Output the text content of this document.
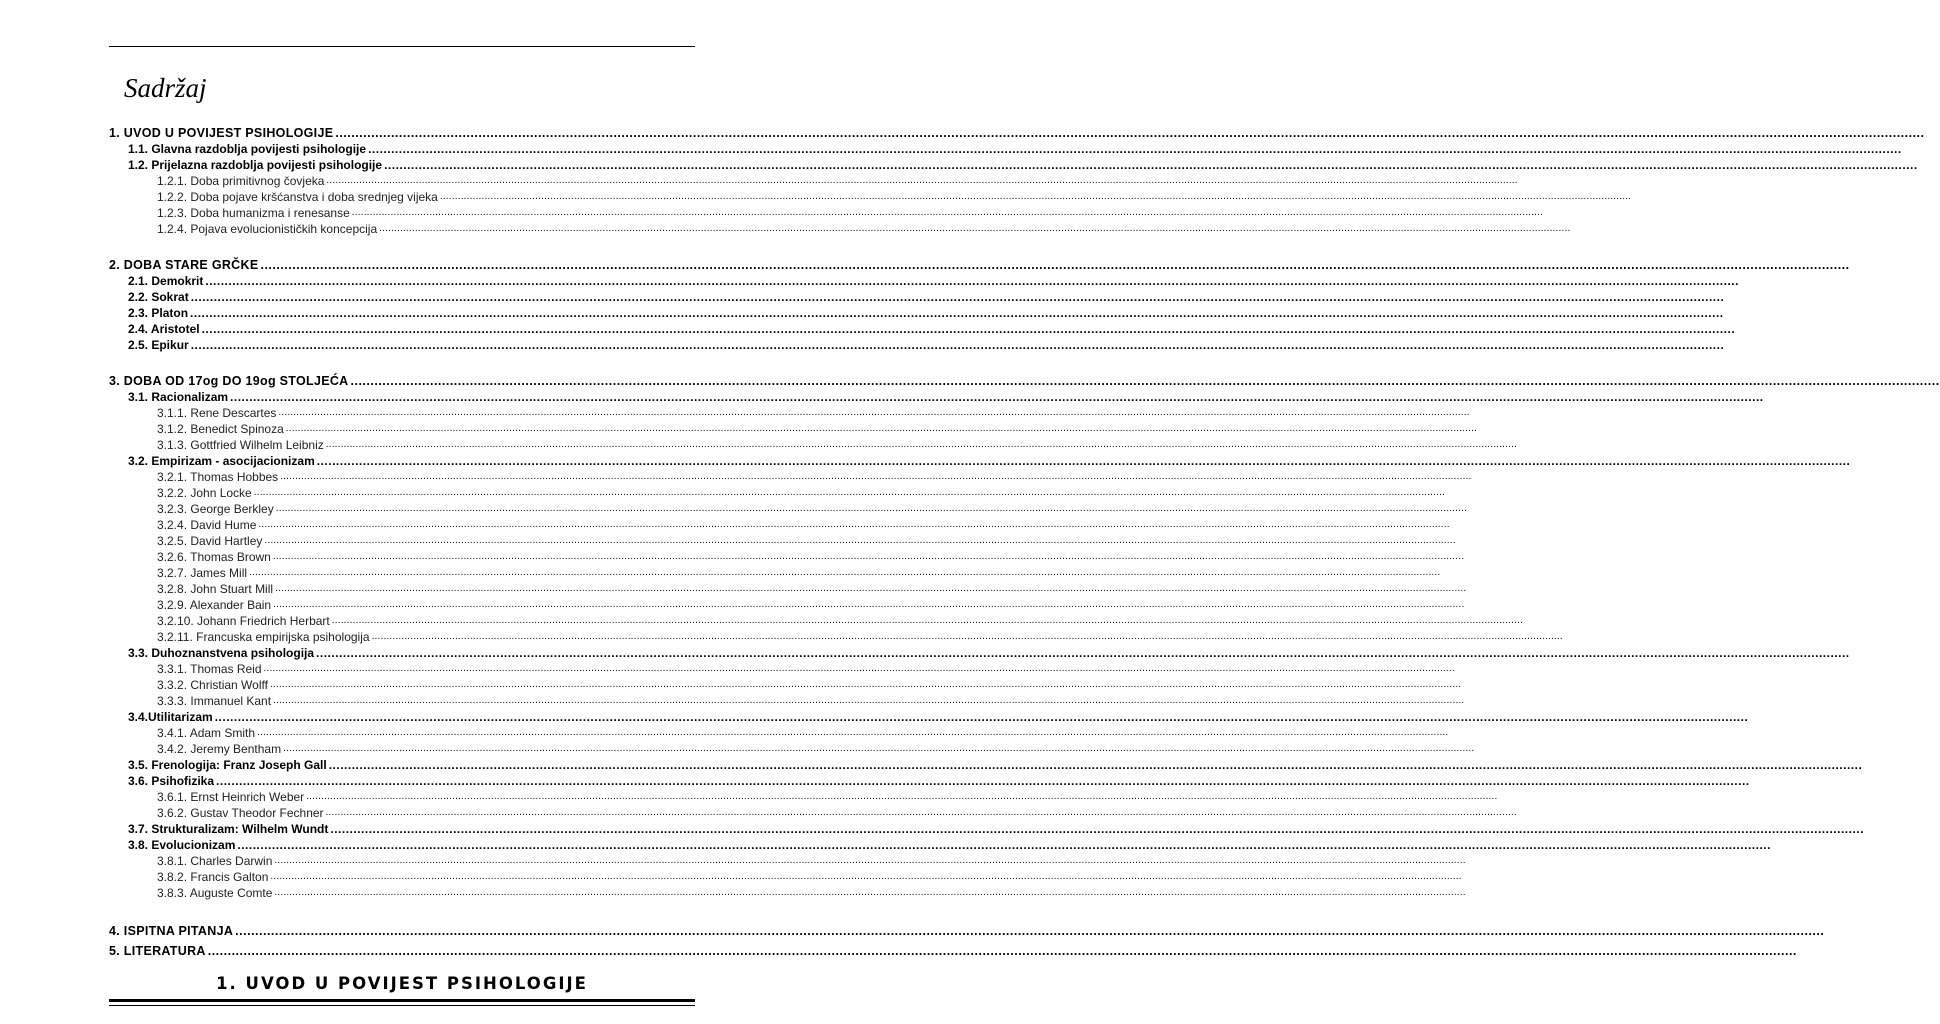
Sadržaj
1. UVOD U POVIJEST PSIHOLOGIJE ................................................................................................................................................................................................................................................................................................................................................................................................................
1.1. Glavna razdoblja povijesti psihologije ................................................................................................................................................................................................................................................................................................................................................................................................................
1.2. Prijelazna razdoblja povijesti psihologije ................................................................................................................................................................................................................................................................................................................................................................................................................
1.2.1. Doba primitivnog čovjeka ................................................................................................................................................................................................................................................................................................................................................................................................................
1.2.2. Doba pojave kršćanstva i doba srednjeg vijeka ................................................................................................................................................................................................................................................................................................................................................................................................................
1.2.3. Doba humanizma i renesanse ................................................................................................................................................................................................................................................................................................................................................................................................................
1.2.4. Pojava evolucionističkih koncepcija ................................................................................................................................................................................................................................................................................................................................................................................................................
2. DOBA STARE GRČKE ................................................................................................................................................................................................................................................................................................................................................................................................................
2.1. Demokrit ................................................................................................................................................................................................................................................................................................................................................................................................................
2.2. Sokrat ................................................................................................................................................................................................................................................................................................................................................................................................................
2.3. Platon ................................................................................................................................................................................................................................................................................................................................................................................................................
2.4. Aristotel ................................................................................................................................................................................................................................................................................................................................................................................................................
2.5. Epikur ................................................................................................................................................................................................................................................................................................................................................................................................................
3. DOBA OD 17og DO 19og STOLJEĆA ................................................................................................................................................................................................................................................................................................................................................................................................................
3.1. Racionalizam ................................................................................................................................................................................................................................................................................................................................................................................................................
3.1.1. Rene Descartes ................................................................................................................................................................................................................................................................................................................................................................................................................
3.1.2. Benedict Spinoza ................................................................................................................................................................................................................................................................................................................................................................................................................
3.1.3. Gottfried Wilhelm Leibniz ................................................................................................................................................................................................................................................................................................................................................................................................................
3.2. Empirizam - asocijacionizam ................................................................................................................................................................................................................................................................................................................................................................................................................
3.2.1. Thomas Hobbes ................................................................................................................................................................................................................................................................................................................................................................................................................
3.2.2. John Locke ................................................................................................................................................................................................................................................................................................................................................................................................................
3.2.3. George Berkley ................................................................................................................................................................................................................................................................................................................................................................................................................
3.2.4. David Hume ................................................................................................................................................................................................................................................................................................................................................................................................................
3.2.5. David Hartley ................................................................................................................................................................................................................................................................................................................................................................................................................
3.2.6. Thomas Brown ................................................................................................................................................................................................................................................................................................................................................................................................................
3.2.7. James Mill ................................................................................................................................................................................................................................................................................................................................................................................................................
3.2.8. John Stuart Mill ................................................................................................................................................................................................................................................................................................................................................................................................................
3.2.9. Alexander Bain ................................................................................................................................................................................................................................................................................................................................................................................................................
3.2.10. Johann Friedrich Herbart ................................................................................................................................................................................................................................................................................................................................................................................................................
3.2.11. Francuska empirijska psihologija ................................................................................................................................................................................................................................................................................................................................................................................................................
3.3. Duhoznanstvena psihologija ................................................................................................................................................................................................................................................................................................................................................................................................................
3.3.1. Thomas Reid ................................................................................................................................................................................................................................................................................................................................................................................................................
3.3.2. Christian Wolff ................................................................................................................................................................................................................................................................................................................................................................................................................
3.3.3. Immanuel Kant ................................................................................................................................................................................................................................................................................................................................................................................................................
3.4.Utilitarizam ................................................................................................................................................................................................................................................................................................................................................................................................................
3.4.1. Adam Smith ................................................................................................................................................................................................................................................................................................................................................................................................................
3.4.2. Jeremy Bentham ................................................................................................................................................................................................................................................................................................................................................................................................................
3.5. Frenologija: Franz Joseph Gall ................................................................................................................................................................................................................................................................................................................................................................................................................
3.6. Psihofizika ................................................................................................................................................................................................................................................................................................................................................................................................................
3.6.1. Ernst Heinrich Weber ................................................................................................................................................................................................................................................................................................................................................................................................................
3.6.2. Gustav Theodor Fechner ................................................................................................................................................................................................................................................................................................................................................................................................................
3.7. Strukturalizam: Wilhelm Wundt ................................................................................................................................................................................................................................................................................................................................................................................................................
3.8. Evolucionizam ................................................................................................................................................................................................................................................................................................................................................................................................................
3.8.1. Charles Darwin ................................................................................................................................................................................................................................................................................................................................................................................................................
3.8.2. Francis Galton ................................................................................................................................................................................................................................................................................................................................................................................................................
3.8.3. Auguste Comte ................................................................................................................................................................................................................................................................................................................................................................................................................
4. ISPITNA PITANJA ................................................................................................................................................................................................................................................................................................................................................................................................................
5. LITERATURA ................................................................................................................................................................................................................................................................................................................................................................................................................
1. UVOD U POVIJEST PSIHOLOGIJE
